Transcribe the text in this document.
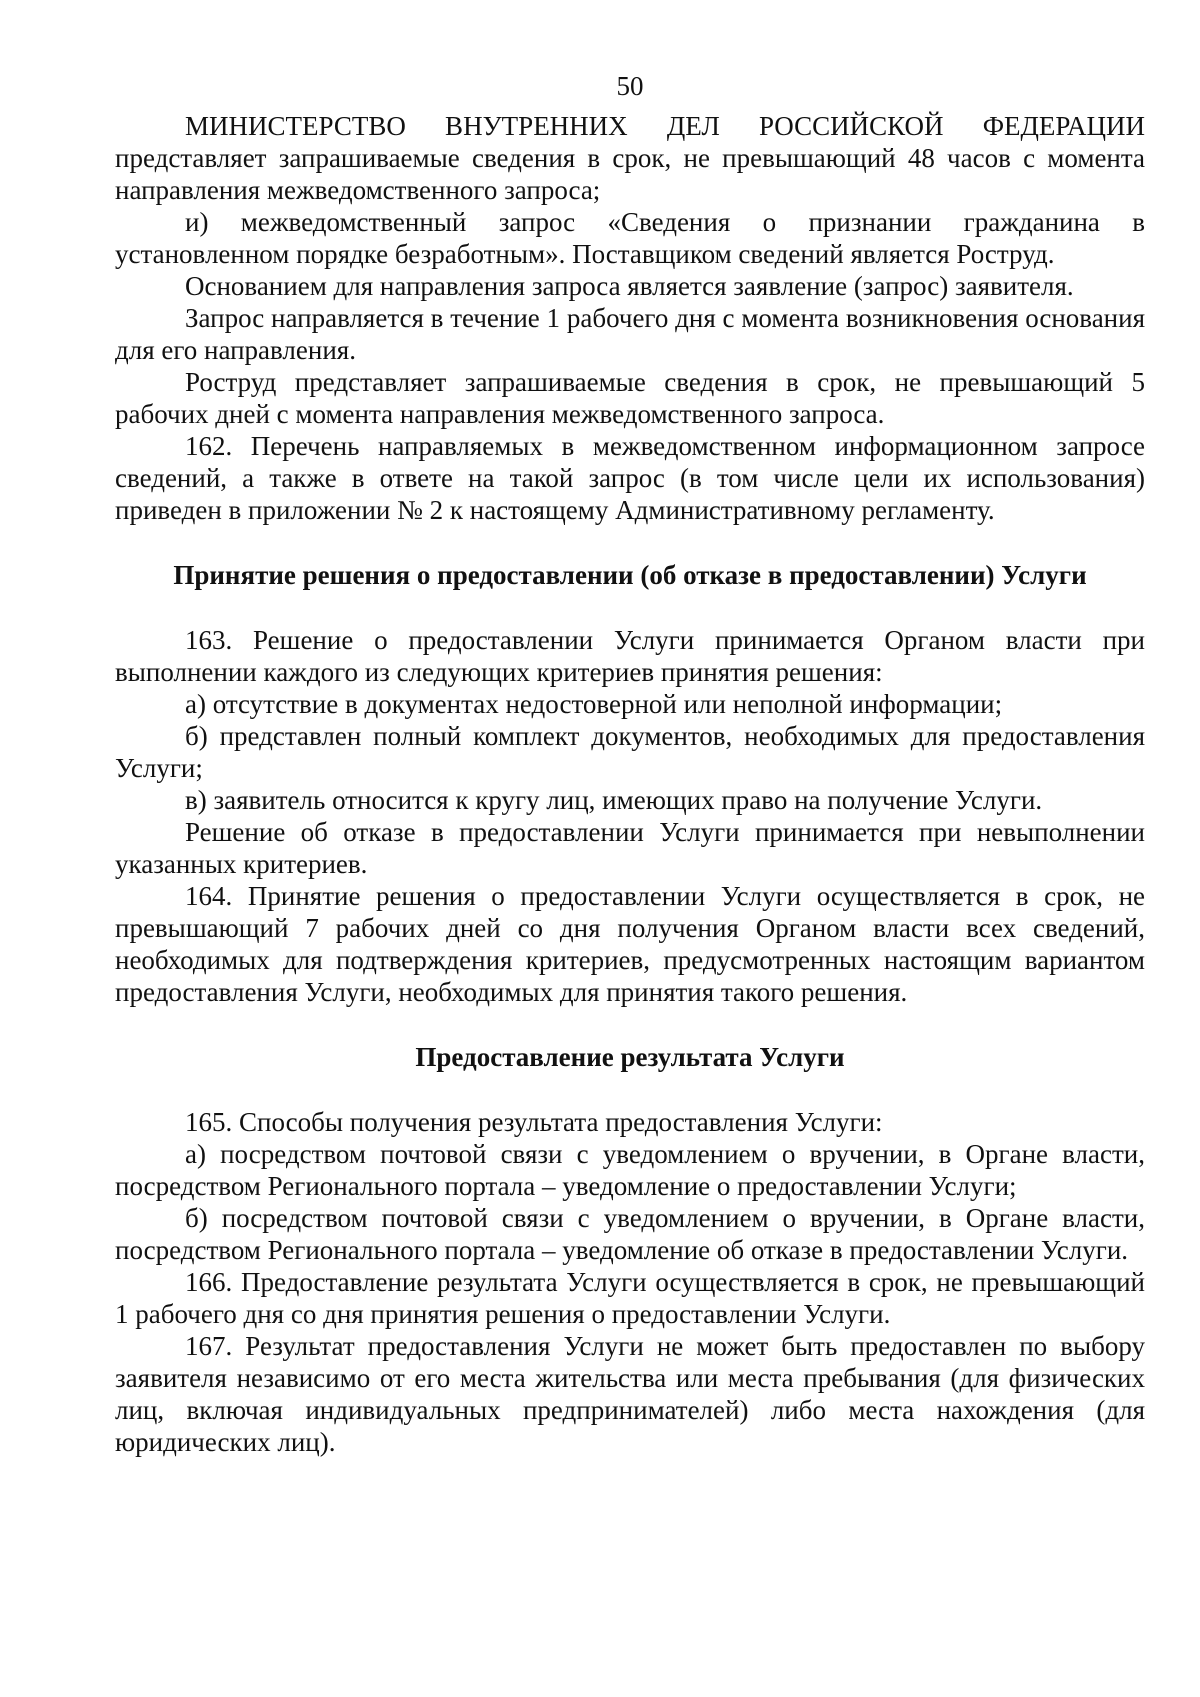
50

МИНИСТЕРСТВО ВНУТРЕННИХ ДЕЛ РОССИЙСКОЙ ФЕДЕРАЦИИ представляет запрашиваемые сведения в срок, не превышающий 48 часов с момента направления межведомственного запроса;

и) межведомственный запрос «Сведения о признании гражданина в установленном порядке безработным». Поставщиком сведений является Роструд.

Основанием для направления запроса является заявление (запрос) заявителя.

Запрос направляется в течение 1 рабочего дня с момента возникновения основания для его направления.

Роструд представляет запрашиваемые сведения в срок, не превышающий 5 рабочих дней с момента направления межведомственного запроса.

162. Перечень направляемых в межведомственном информационном запросе сведений, а также в ответе на такой запрос (в том числе цели их использования) приведен в приложении № 2 к настоящему Административному регламенту.

Принятие решения о предоставлении (об отказе в предоставлении) Услуги

163. Решение о предоставлении Услуги принимается Органом власти при выполнении каждого из следующих критериев принятия решения:

а) отсутствие в документах недостоверной или неполной информации;

б) представлен полный комплект документов, необходимых для предоставления Услуги;

в) заявитель относится к кругу лиц, имеющих право на получение Услуги.

Решение об отказе в предоставлении Услуги принимается при невыполнении указанных критериев.

164. Принятие решения о предоставлении Услуги осуществляется в срок, не превышающий 7 рабочих дней со дня получения Органом власти всех сведений, необходимых для подтверждения критериев, предусмотренных настоящим вариантом предоставления Услуги, необходимых для принятия такого решения.

Предоставление результата Услуги

165. Способы получения результата предоставления Услуги:

а) посредством почтовой связи с уведомлением о вручении, в Органе власти, посредством Регионального портала – уведомление о предоставлении Услуги;

б) посредством почтовой связи с уведомлением о вручении, в Органе власти, посредством Регионального портала – уведомление об отказе в предоставлении Услуги.

166. Предоставление результата Услуги осуществляется в срок, не превышающий 1 рабочего дня со дня принятия решения о предоставлении Услуги.

167. Результат предоставления Услуги не может быть предоставлен по выбору заявителя независимо от его места жительства или места пребывания (для физических лиц, включая индивидуальных предпринимателей) либо места нахождения (для юридических лиц).
